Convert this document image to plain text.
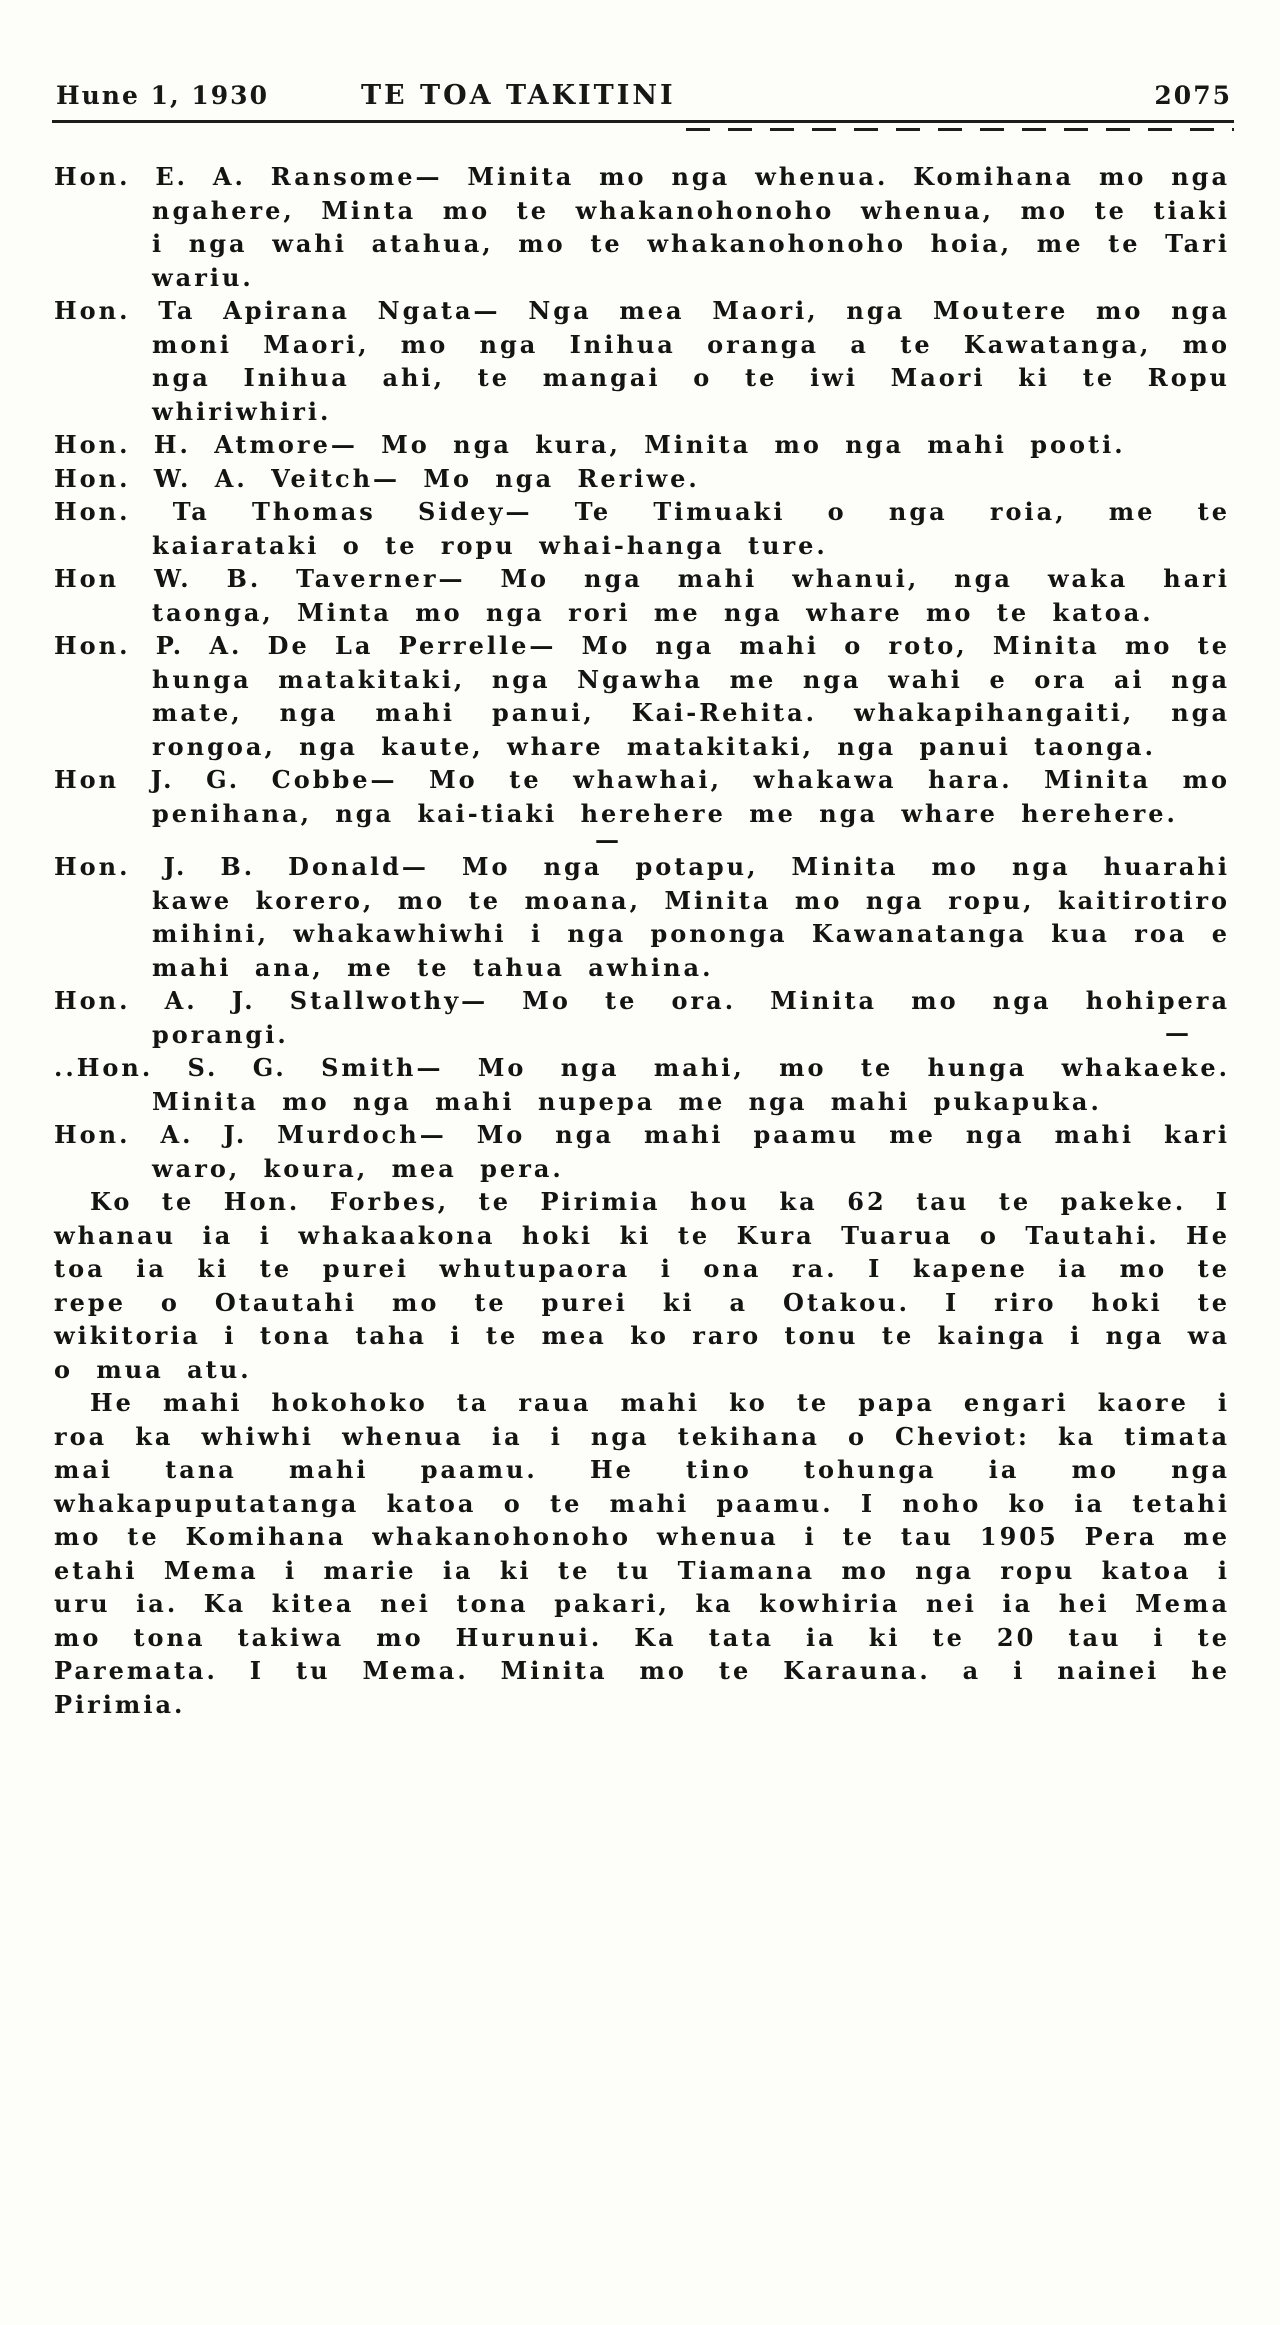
Hune 1, 1930	TE TOA TAKITINI	2075

Hon. E. A. Ransome— Minita mo nga whenua. Komihana mo nga ngahere, Minta mo te whakanohonoho whenua, mo te tiaki i nga wahi atahua, mo te whakanohonoho hoia, me te Tari wariu.

Hon. Ta Apirana Ngata— Nga mea Maori, nga Moutere mo nga moni Maori, mo nga Inihua oranga a te Kawatanga, mo nga Inihua ahi, te mangai o te iwi Maori ki te Ropu whiriwhiri.

Hon. H. Atmore— Mo nga kura, Minita mo nga mahi pooti.

Hon. W. A. Veitch— Mo nga Reriwe.

Hon. Ta Thomas Sidey— Te Timuaki o nga roia, me te kaiarataki o te ropu whai-hanga ture.

Hon W. B. Taverner— Mo nga mahi whanui, nga waka hari taonga, Minta mo nga rori me nga whare mo te katoa.

Hon. P. A. De La Perrelle— Mo nga mahi o roto, Minita mo te hunga matakitaki, nga Ngawha me nga wahi e ora ai nga mate, nga mahi panui, Kai-Rehita. whakapihangaiti, nga rongoa, nga kaute, whare matakitaki, nga panui taonga.

Hon J. G. Cobbe— Mo te whawhai, whakawa hara. Minita mo penihana, nga kai-tiaki herehere me nga whare herehere.

—

Hon. J. B. Donald— Mo nga potapu, Minita mo nga huarahi kawe korero, mo te moana, Minita mo nga ropu, kaitirotiro mihini, whakawhiwhi i nga pononga Kawanatanga kua roa e mahi ana, me te tahua awhina.

Hon. A. J. Stallwothy— Mo te ora. Minita mo nga hohipera porangi.	—

..Hon. S. G. Smith— Mo nga mahi, mo te hunga whakaeke. Minita mo nga mahi nupepa me nga mahi pukapuka.

Hon. A. J. Murdoch— Mo nga mahi paamu me nga mahi kari waro, koura, mea pera.

Ko te Hon. Forbes, te Pirimia hou ka 62 tau te pakeke. I whanau ia i whakaakona hoki ki te Kura Tuarua o Tautahi. He toa ia ki te purei whutupaora i ona ra. I kapene ia mo te repe o Otautahi mo te purei ki a Otakou. I riro hoki te wikitoria i tona taha i te mea ko raro tonu te kainga i nga wa o mua atu.

He mahi hokohoko ta raua mahi ko te papa engari kaore i roa ka whiwhi whenua ia i nga tekihana o Cheviot: ka timata mai tana mahi paamu. He tino tohunga ia mo nga whakapuputatanga katoa o te mahi paamu. I noho ko ia tetahi mo te Komihana whakanohonoho whenua i te tau 1905 Pera me etahi Mema i marie ia ki te tu Tiamana mo nga ropu katoa i uru ia. Ka kitea nei tona pakari, ka kowhiria nei ia hei Mema mo tona takiwa mo Hurunui. Ka tata ia ki te 20 tau i te Paremata. I tu Mema. Minita mo te Karauna. a i nainei he Pirimia.
